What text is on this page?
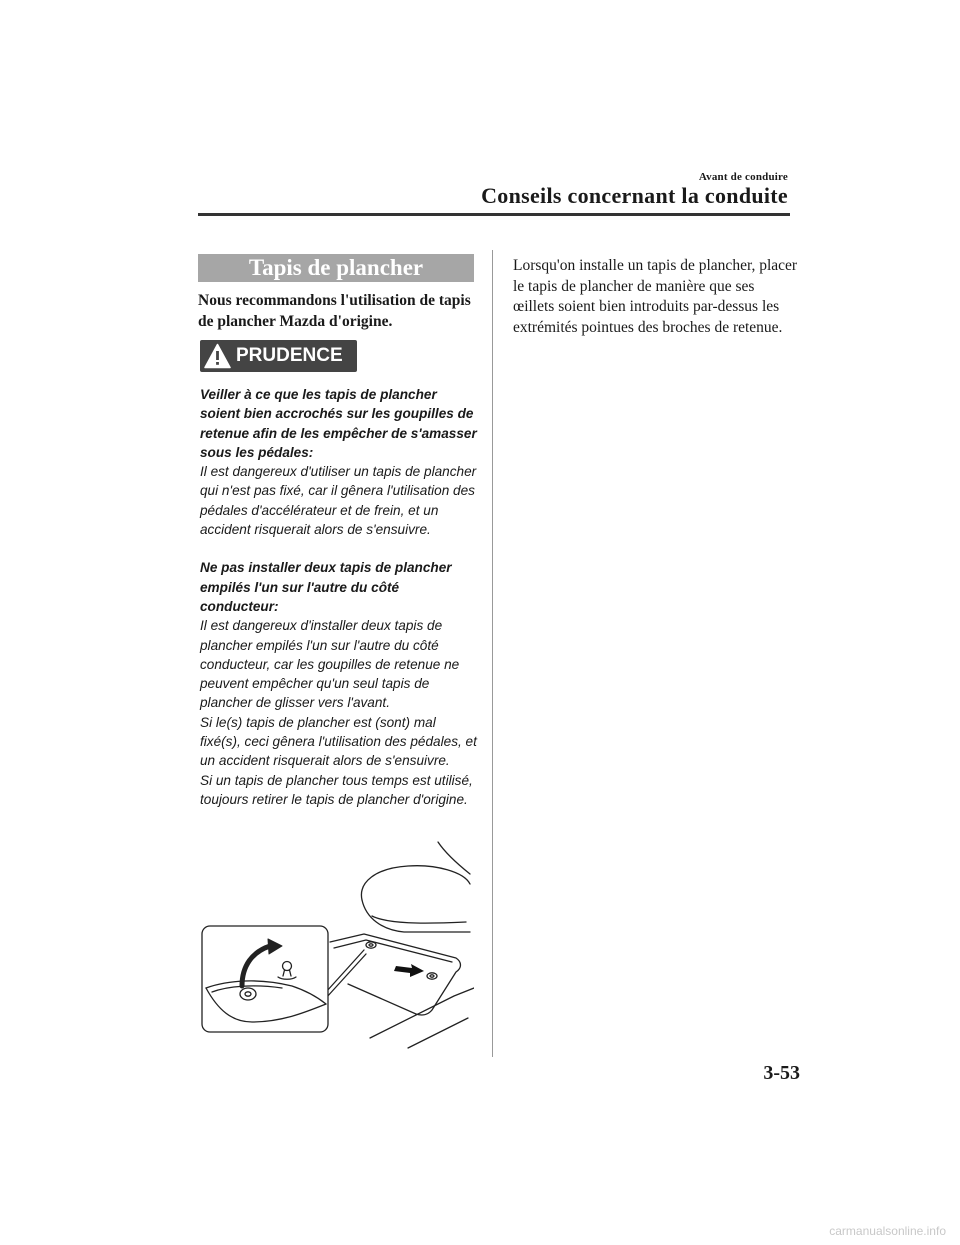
Avant de conduire
Conseils concernant la conduite
Tapis de plancher
Nous recommandons l'utilisation de tapis de plancher Mazda d'origine.
PRUDENCE

Veiller à ce que les tapis de plancher soient bien accrochés sur les goupilles de retenue afin de les empêcher de s'amasser sous les pédales:

Il est dangereux d'utiliser un tapis de plancher qui n'est pas fixé, car il gênera l'utilisation des pédales d'accélérateur et de frein, et un accident risquerait alors de s'ensuivre.

Ne pas installer deux tapis de plancher empilés l'un sur l'autre du côté conducteur:

Il est dangereux d'installer deux tapis de plancher empilés l'un sur l'autre du côté conducteur, car les goupilles de retenue ne peuvent empêcher qu'un seul tapis de plancher de glisser vers l'avant.

Si le(s) tapis de plancher est (sont) mal fixé(s), ceci gênera l'utilisation des pédales, et un accident risquerait alors de s'ensuivre.

Si un tapis de plancher tous temps est utilisé, toujours retirer le tapis de plancher d'origine.

Lorsqu'on installe un tapis de plancher, placer le tapis de plancher de manière que ses œillets soient bien introduits par-dessus les extrémités pointues des broches de retenue.

3-53
carmanualsonline.info
